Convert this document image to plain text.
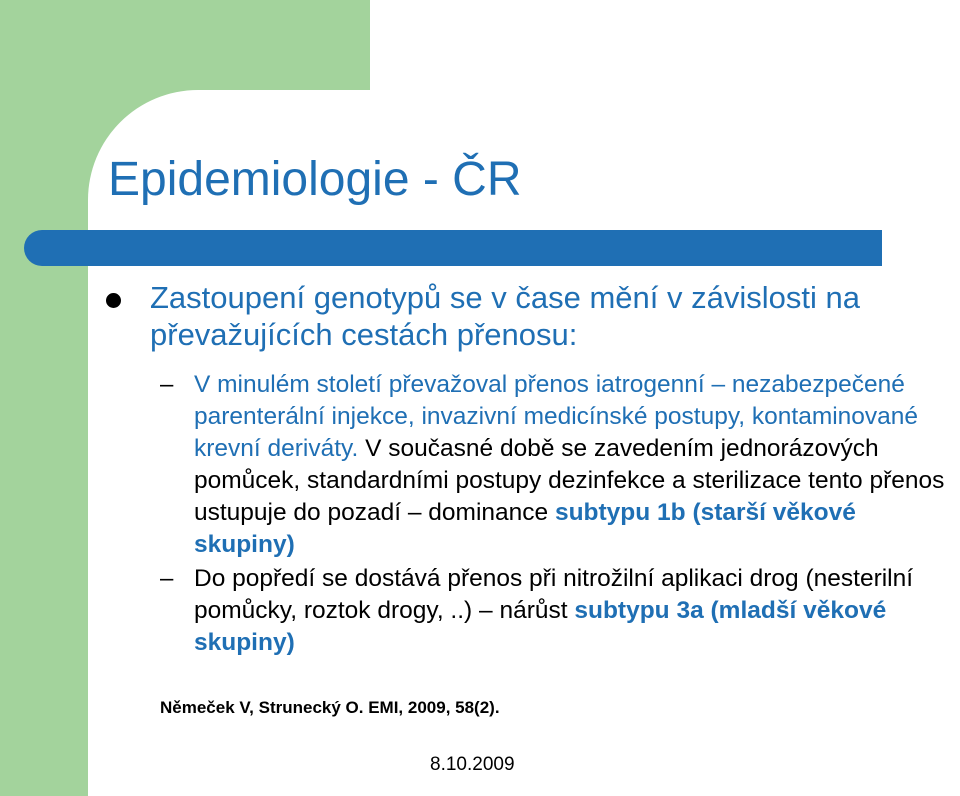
Epidemiologie - ČR

Zastoupení genotypů se v čase mění v závislosti na převažujících cestách přenosu:

– V minulém století převažoval přenos iatrogenní – nezabezpečené parenterální injekce, invazivní medicínské postupy, kontaminované krevní deriváty. V současné době se zavedením jednorázových pomůcek, standardními postupy dezinfekce a sterilizace tento přenos ustupuje do pozadí – dominance subtypu 1b (starší věkové skupiny)

– Do popředí se dostává přenos při nitrožilní aplikaci drog (nesterilní pomůcky, roztok drogy, ..) – nárůst subtypu 3a (mladší věkové skupiny)

Němeček V, Strunecký O. EMI, 2009, 58(2).

8.10.2009
